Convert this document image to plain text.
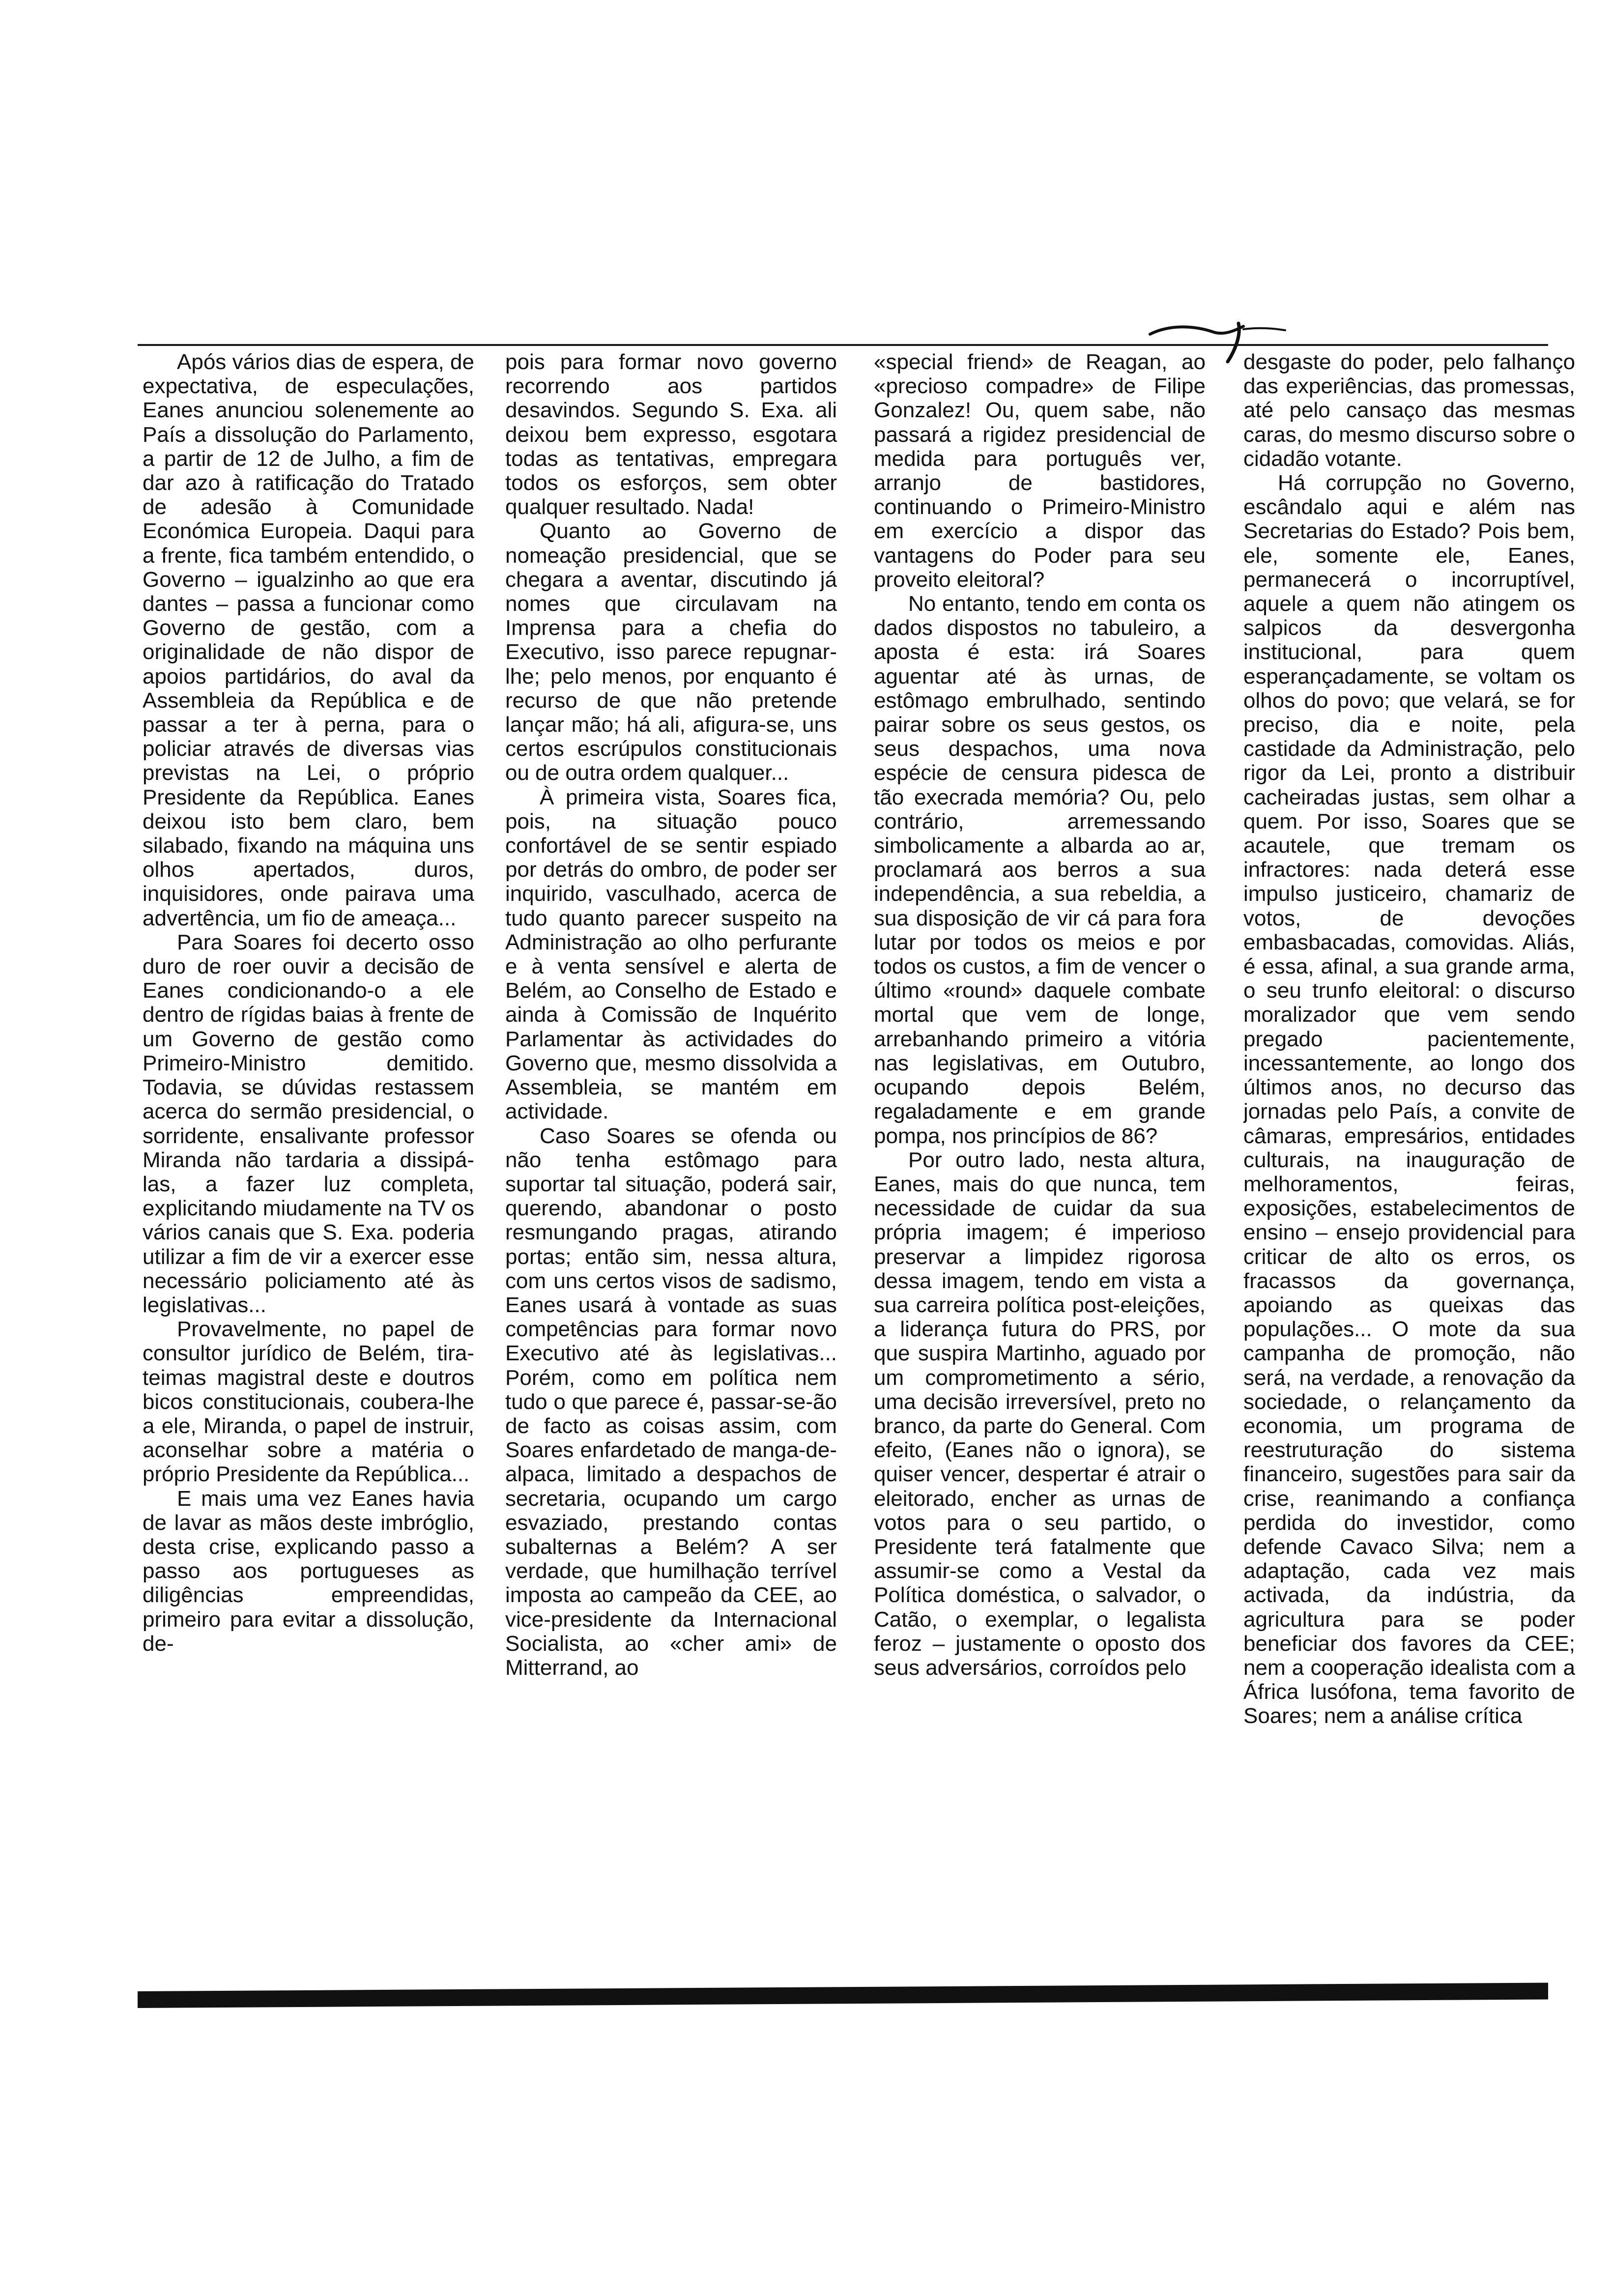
Após vários dias de espera, de expectativa, de especulações, Eanes anunciou solenemente ao País a dissolução do Parlamento, a partir de 12 de Julho, a fim de dar azo à ratificação do Tratado de adesão à Comunidade Económica Europeia. Daqui para a frente, fica também entendido, o Governo – igualzinho ao que era dantes – passa a funcionar como Governo de gestão, com a originalidade de não dispor de apoios partidários, do aval da Assembleia da República e de passar a ter à perna, para o policiar através de diversas vias previstas na Lei, o próprio Presidente da República. Eanes deixou isto bem claro, bem silabado, fixando na máquina uns olhos apertados, duros, inquisidores, onde pairava uma advertência, um fio de ameaça...

Para Soares foi decerto osso duro de roer ouvir a decisão de Eanes condicionando-o a ele dentro de rígidas baias à frente de um Governo de gestão como Primeiro-Ministro demitido. Todavia, se dúvidas restassem acerca do sermão presidencial, o sorridente, ensalivante professor Miranda não tardaria a dissipá-las, a fazer luz completa, explicitando miudamente na TV os vários canais que S. Exa. poderia utilizar a fim de vir a exercer esse necessário policiamento até às legislativas...

Provavelmente, no papel de consultor jurídico de Belém, tira-teimas magistral deste e doutros bicos constitucionais, coubera-lhe a ele, Miranda, o papel de instruir, aconselhar sobre a matéria o próprio Presidente da República...

E mais uma vez Eanes havia de lavar as mãos deste imbróglio, desta crise, explicando passo a passo aos portugueses as diligências empreendidas, primeiro para evitar a dissolução, de-

pois para formar novo governo recorrendo aos partidos desavindos. Segundo S. Exa. ali deixou bem expresso, esgotara todas as tentativas, empregara todos os esforços, sem obter qualquer resultado. Nada!

Quanto ao Governo de nomeação presidencial, que se chegara a aventar, discutindo já nomes que circulavam na Imprensa para a chefia do Executivo, isso parece repugnar-lhe; pelo menos, por enquanto é recurso de que não pretende lançar mão; há ali, afigura-se, uns certos escrúpulos constitucionais ou de outra ordem qualquer...

À primeira vista, Soares fica, pois, na situação pouco confortável de se sentir espiado por detrás do ombro, de poder ser inquirido, vasculhado, acerca de tudo quanto parecer suspeito na Administração ao olho perfurante e à venta sensível e alerta de Belém, ao Conselho de Estado e ainda à Comissão de Inquérito Parlamentar às actividades do Governo que, mesmo dissolvida a Assembleia, se mantém em actividade.

Caso Soares se ofenda ou não tenha estômago para suportar tal situação, poderá sair, querendo, abandonar o posto resmungando pragas, atirando portas; então sim, nessa altura, com uns certos visos de sadismo, Eanes usará à vontade as suas competências para formar novo Executivo até às legislativas... Porém, como em política nem tudo o que parece é, passar-se-ão de facto as coisas assim, com Soares enfardetado de manga-de-alpaca, limitado a despachos de secretaria, ocupando um cargo esvaziado, prestando contas subalternas a Belém? A ser verdade, que humilhação terrível imposta ao campeão da CEE, ao vice-presidente da Internacional Socialista, ao «cher ami» de Mitterrand, ao

«special friend» de Reagan, ao «precioso compadre» de Filipe Gonzalez! Ou, quem sabe, não passará a rigidez presidencial de medida para português ver, arranjo de bastidores, continuando o Primeiro-Ministro em exercício a dispor das vantagens do Poder para seu proveito eleitoral?

No entanto, tendo em conta os dados dispostos no tabuleiro, a aposta é esta: irá Soares aguentar até às urnas, de estômago embrulhado, sentindo pairar sobre os seus gestos, os seus despachos, uma nova espécie de censura pidesca de tão execrada memória? Ou, pelo contrário, arremessando simbolicamente a albarda ao ar, proclamará aos berros a sua independência, a sua rebeldia, a sua disposição de vir cá para fora lutar por todos os meios e por todos os custos, a fim de vencer o último «round» daquele combate mortal que vem de longe, arrebanhando primeiro a vitória nas legislativas, em Outubro, ocupando depois Belém, regaladamente e em grande pompa, nos princípios de 86?

Por outro lado, nesta altura, Eanes, mais do que nunca, tem necessidade de cuidar da sua própria imagem; é imperioso preservar a limpidez rigorosa dessa imagem, tendo em vista a sua carreira política post-eleições, a liderança futura do PRS, por que suspira Martinho, aguado por um comprometimento a sério, uma decisão irreversível, preto no branco, da parte do General. Com efeito, (Eanes não o ignora), se quiser vencer, despertar é atrair o eleitorado, encher as urnas de votos para o seu partido, o Presidente terá fatalmente que assumir-se como a Vestal da Política doméstica, o salvador, o Catão, o exemplar, o legalista feroz – justamente o oposto dos seus adversários, corroídos pelo

desgaste do poder, pelo falhanço das experiências, das promessas, até pelo cansaço das mesmas caras, do mesmo discurso sobre o cidadão votante.

Há corrupção no Governo, escândalo aqui e além nas Secretarias do Estado? Pois bem, ele, somente ele, Eanes, permanecerá o incorruptível, aquele a quem não atingem os salpicos da desvergonha institucional, para quem esperançadamente, se voltam os olhos do povo; que velará, se for preciso, dia e noite, pela castidade da Administração, pelo rigor da Lei, pronto a distribuir cacheiradas justas, sem olhar a quem. Por isso, Soares que se acautele, que tremam os infractores: nada deterá esse impulso justiceiro, chamariz de votos, de devoções embasbacadas, comovidas. Aliás, é essa, afinal, a sua grande arma, o seu trunfo eleitoral: o discurso moralizador que vem sendo pregado pacientemente, incessantemente, ao longo dos últimos anos, no decurso das jornadas pelo País, a convite de câmaras, empresários, entidades culturais, na inauguração de melhoramentos, feiras, exposições, estabelecimentos de ensino – ensejo providencial para criticar de alto os erros, os fracassos da governança, apoiando as queixas das populações... O mote da sua campanha de promoção, não será, na verdade, a renovação da sociedade, o relançamento da economia, um programa de reestruturação do sistema financeiro, sugestões para sair da crise, reanimando a confiança perdida do investidor, como defende Cavaco Silva; nem a adaptação, cada vez mais activada, da indústria, da agricultura para se poder beneficiar dos favores da CEE; nem a cooperação idealista com a África lusófona, tema favorito de Soares; nem a análise crítica
